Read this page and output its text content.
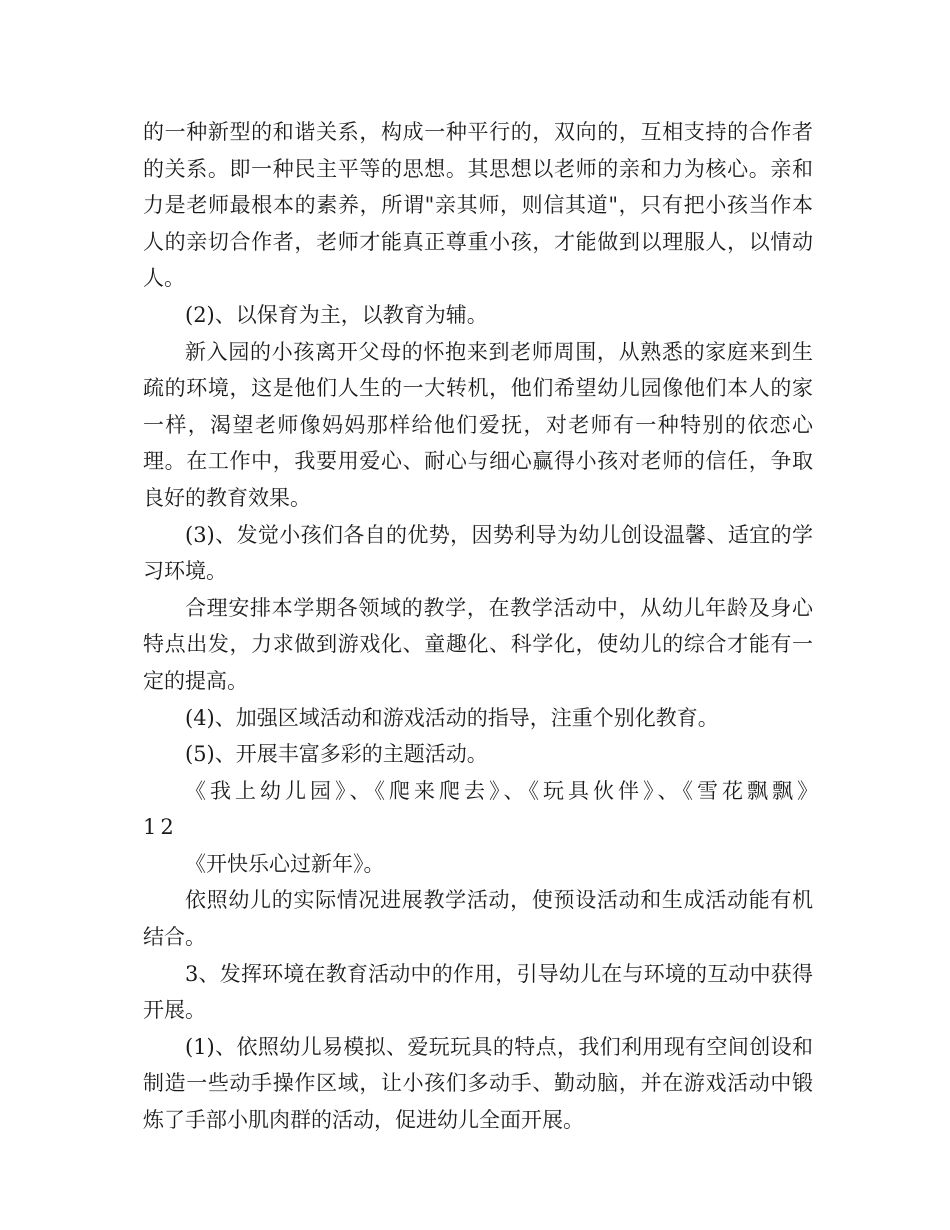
的一种新型的和谐关系，构成一种平行的，双向的，互相支持的合作者的关系。即一种民主平等的思想。其思想以老师的亲和力为核心。亲和力是老师最根本的素养，所谓"亲其师，则信其道"，只有把小孩当作本人的亲切合作者，老师才能真正尊重小孩，才能做到以理服人，以情动人。

(2)、以保育为主，以教育为辅。

新入园的小孩离开父母的怀抱来到老师周围，从熟悉的家庭来到生疏的环境，这是他们人生的一大转机，他们希望幼儿园像他们本人的家一样，渴望老师像妈妈那样给他们爱抚，对老师有一种特别的依恋心理。在工作中，我要用爱心、耐心与细心赢得小孩对老师的信任，争取良好的教育效果。

(3)、发觉小孩们各自的优势，因势利导为幼儿创设温馨、适宜的学习环境。

合理安排本学期各领域的教学，在教学活动中，从幼儿年龄及身心特点出发，力求做到游戏化、童趣化、科学化，使幼儿的综合才能有一定的提高。

(4)、加强区域活动和游戏活动的指导，注重个别化教育。

(5)、开展丰富多彩的主题活动。

《我上幼儿园》、《爬来爬去》、《玩具伙伴》、《雪花飘飘》12

《开快乐心过新年》。

依照幼儿的实际情况进展教学活动，使预设活动和生成活动能有机结合。

3、发挥环境在教育活动中的作用，引导幼儿在与环境的互动中获得开展。

(1)、依照幼儿易模拟、爱玩玩具的特点，我们利用现有空间创设和制造一些动手操作区域，让小孩们多动手、勤动脑，并在游戏活动中锻炼了手部小肌肉群的活动，促进幼儿全面开展。
